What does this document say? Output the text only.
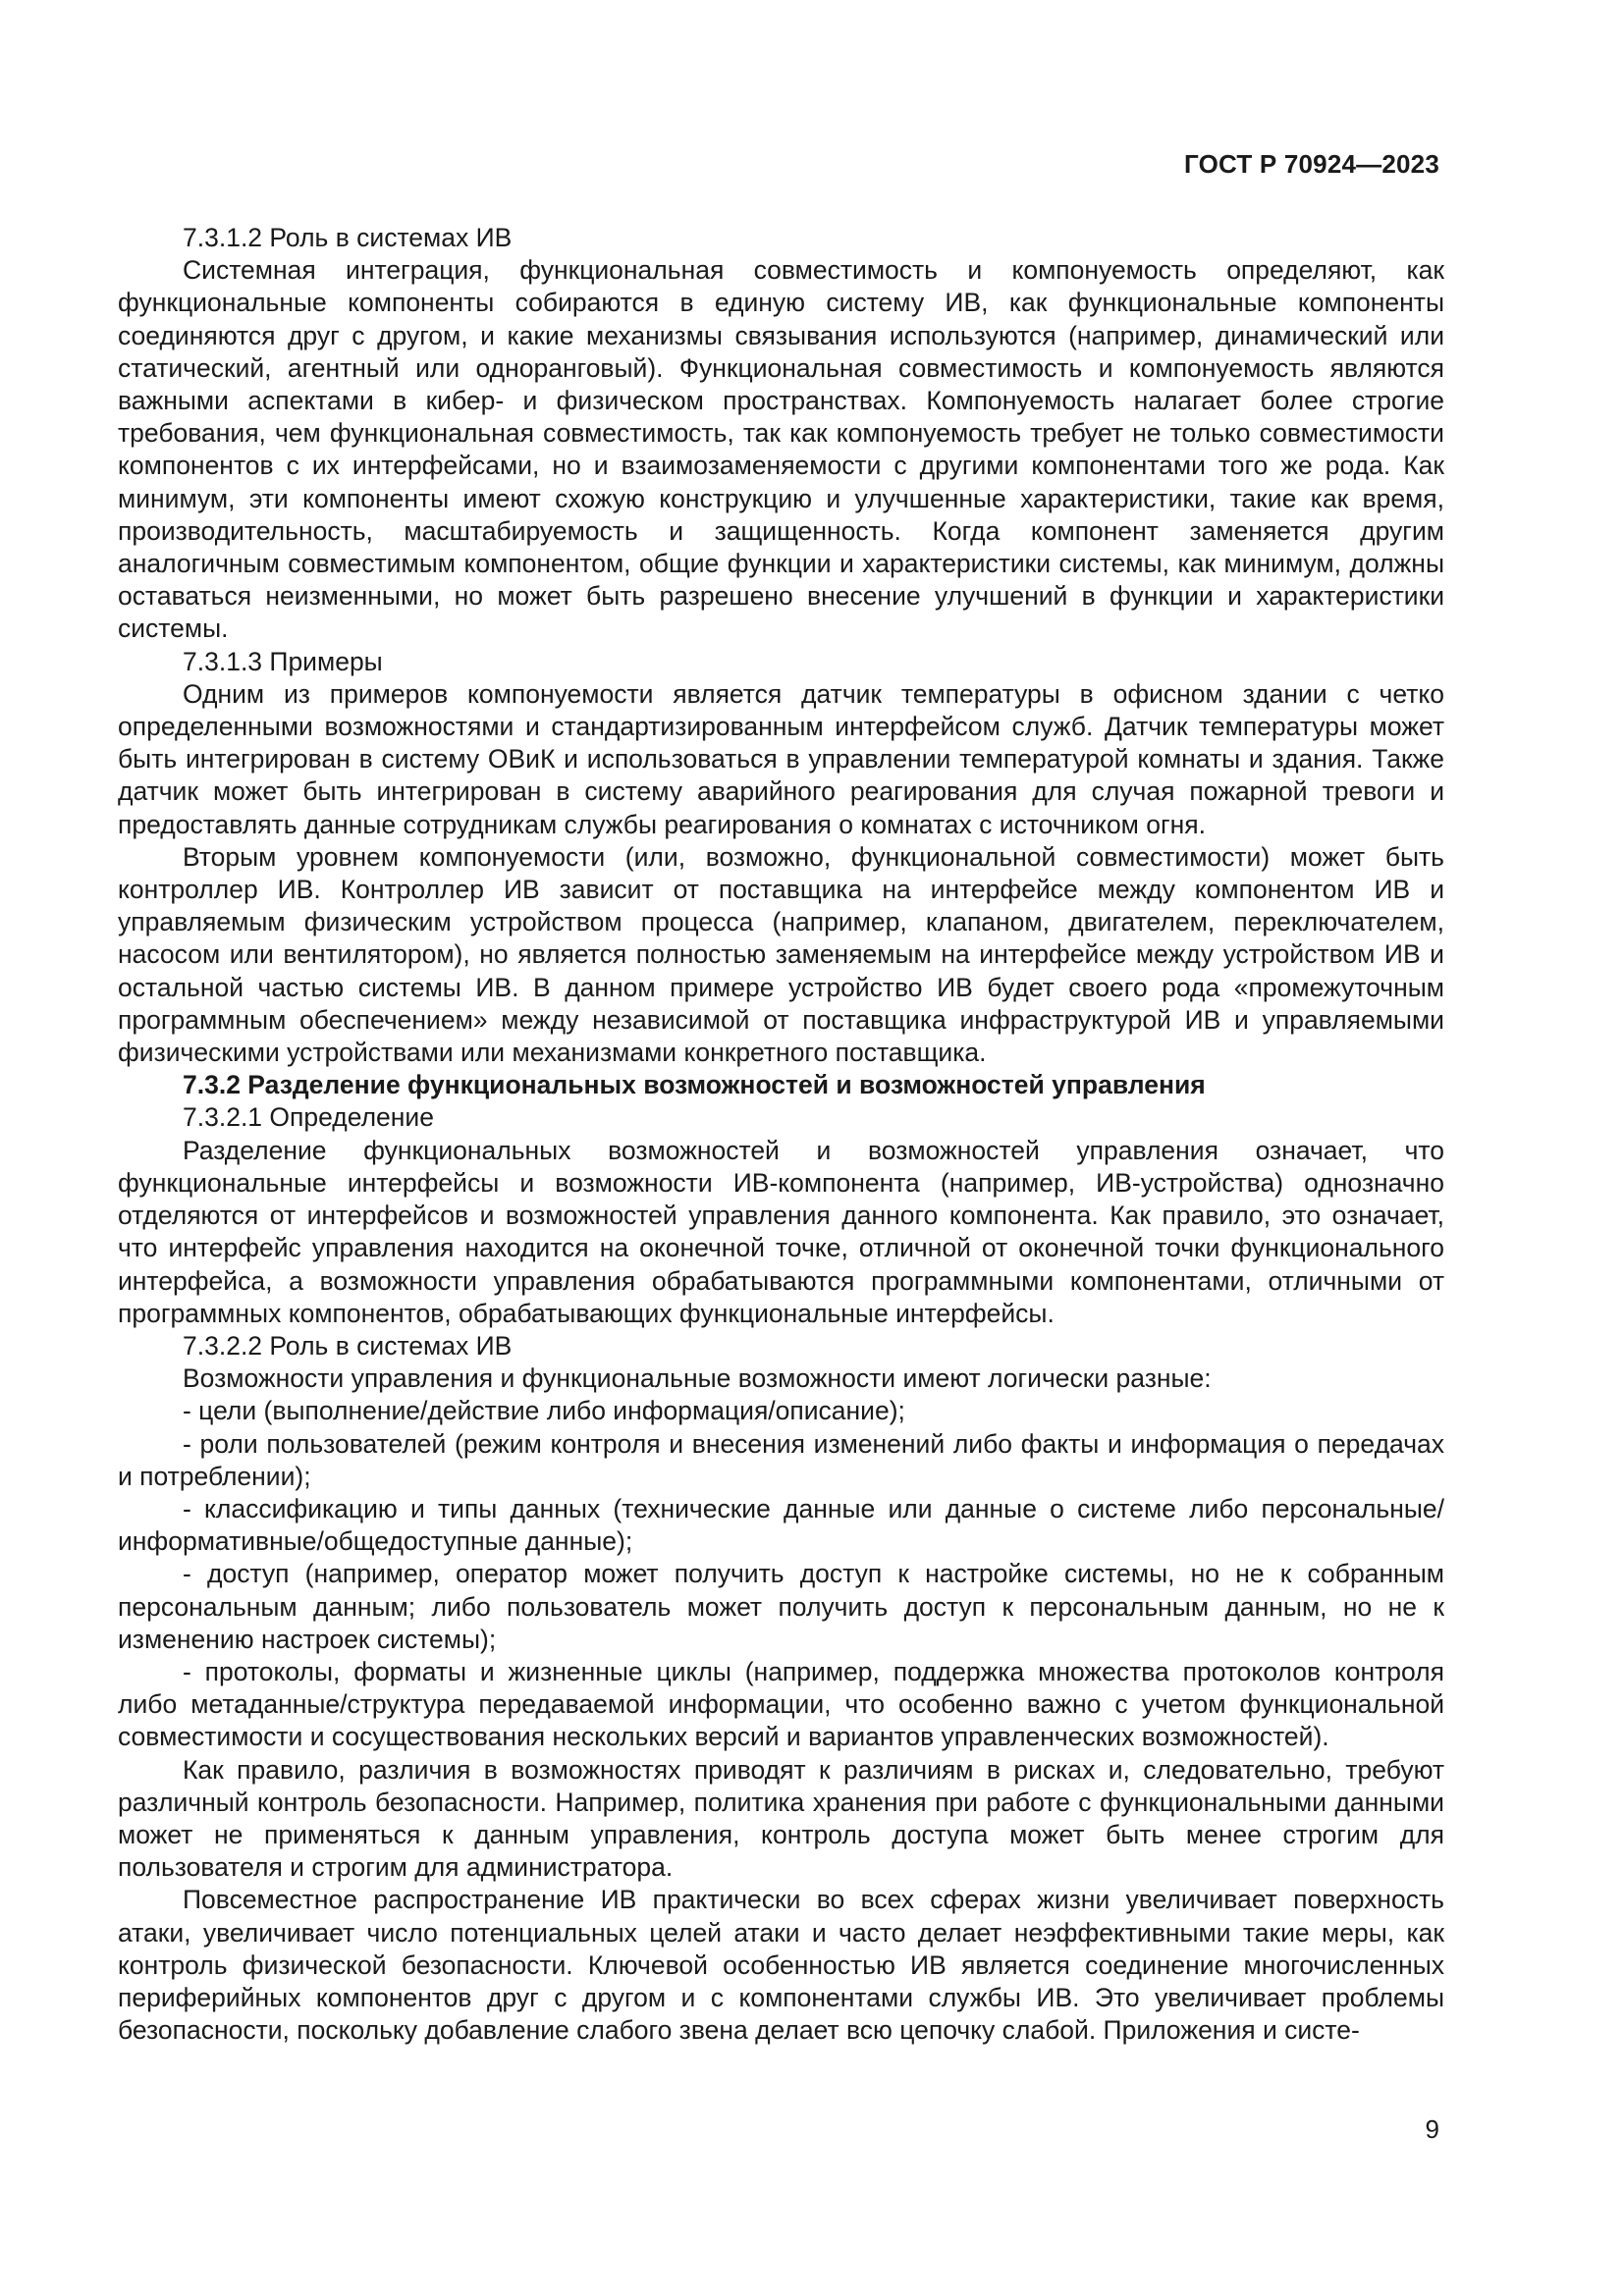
ГОСТ Р 70924—2023

7.3.1.2 Роль в системах ИВ

Системная интеграция, функциональная совместимость и компонуемость определяют, как функциональные компоненты собираются в единую систему ИВ, как функциональные компоненты соединяются друг с другом, и какие механизмы связывания используются (например, динамический или статический, агентный или одноранговый). Функциональная совместимость и компонуемость являются важными аспектами в кибер- и физическом пространствах. Компонуемость налагает более строгие требования, чем функциональная совместимость, так как компонуемость требует не только совместимости компонентов с их интерфейсами, но и взаимозаменяемости с другими компонентами того же рода. Как минимум, эти компоненты имеют схожую конструкцию и улучшенные характеристики, такие как время, производительность, масштабируемость и защищенность. Когда компонент заменяется другим аналогичным совместимым компонентом, общие функции и характеристики системы, как минимум, должны оставаться неизменными, но может быть разрешено внесение улучшений в функции и характеристики системы.

7.3.1.3 Примеры

Одним из примеров компонуемости является датчик температуры в офисном здании с четко определенными возможностями и стандартизированным интерфейсом служб. Датчик температуры может быть интегрирован в систему ОВиК и использоваться в управлении температурой комнаты и здания. Также датчик может быть интегрирован в систему аварийного реагирования для случая пожарной тревоги и предоставлять данные сотрудникам службы реагирования о комнатах с источником огня.

Вторым уровнем компонуемости (или, возможно, функциональной совместимости) может быть контроллер ИВ. Контроллер ИВ зависит от поставщика на интерфейсе между компонентом ИВ и управляемым физическим устройством процесса (например, клапаном, двигателем, переключателем, насосом или вентилятором), но является полностью заменяемым на интерфейсе между устройством ИВ и остальной частью системы ИВ. В данном примере устройство ИВ будет своего рода «промежуточным программным обеспечением» между независимой от поставщика инфраструктурой ИВ и управляемыми физическими устройствами или механизмами конкретного поставщика.

7.3.2 Разделение функциональных возможностей и возможностей управления

7.3.2.1 Определение

Разделение функциональных возможностей и возможностей управления означает, что функциональные интерфейсы и возможности ИВ-компонента (например, ИВ-устройства) однозначно отделяются от интерфейсов и возможностей управления данного компонента. Как правило, это означает, что интерфейс управления находится на оконечной точке, отличной от оконечной точки функционального интерфейса, а возможности управления обрабатываются программными компонентами, отличными от программных компонентов, обрабатывающих функциональные интерфейсы.

7.3.2.2 Роль в системах ИВ

Возможности управления и функциональные возможности имеют логически разные:

- цели (выполнение/действие либо информация/описание);

- роли пользователей (режим контроля и внесения изменений либо факты и информация о передачах и потреблении);

- классификацию и типы данных (технические данные или данные о системе либо персональные/информативные/общедоступные данные);

- доступ (например, оператор может получить доступ к настройке системы, но не к собранным персональным данным; либо пользователь может получить доступ к персональным данным, но не к изменению настроек системы);

- протоколы, форматы и жизненные циклы (например, поддержка множества протоколов контроля либо метаданные/структура передаваемой информации, что особенно важно с учетом функциональной совместимости и сосуществования нескольких версий и вариантов управленческих возможностей).

Как правило, различия в возможностях приводят к различиям в рисках и, следовательно, требуют различный контроль безопасности. Например, политика хранения при работе с функциональными данными может не применяться к данным управления, контроль доступа может быть менее строгим для пользователя и строгим для администратора.

Повсеместное распространение ИВ практически во всех сферах жизни увеличивает поверхность атаки, увеличивает число потенциальных целей атаки и часто делает неэффективными такие меры, как контроль физической безопасности. Ключевой особенностью ИВ является соединение многочисленных периферийных компонентов друг с другом и с компонентами службы ИВ. Это увеличивает проблемы безопасности, поскольку добавление слабого звена делает всю цепочку слабой. Приложения и систе-

9
